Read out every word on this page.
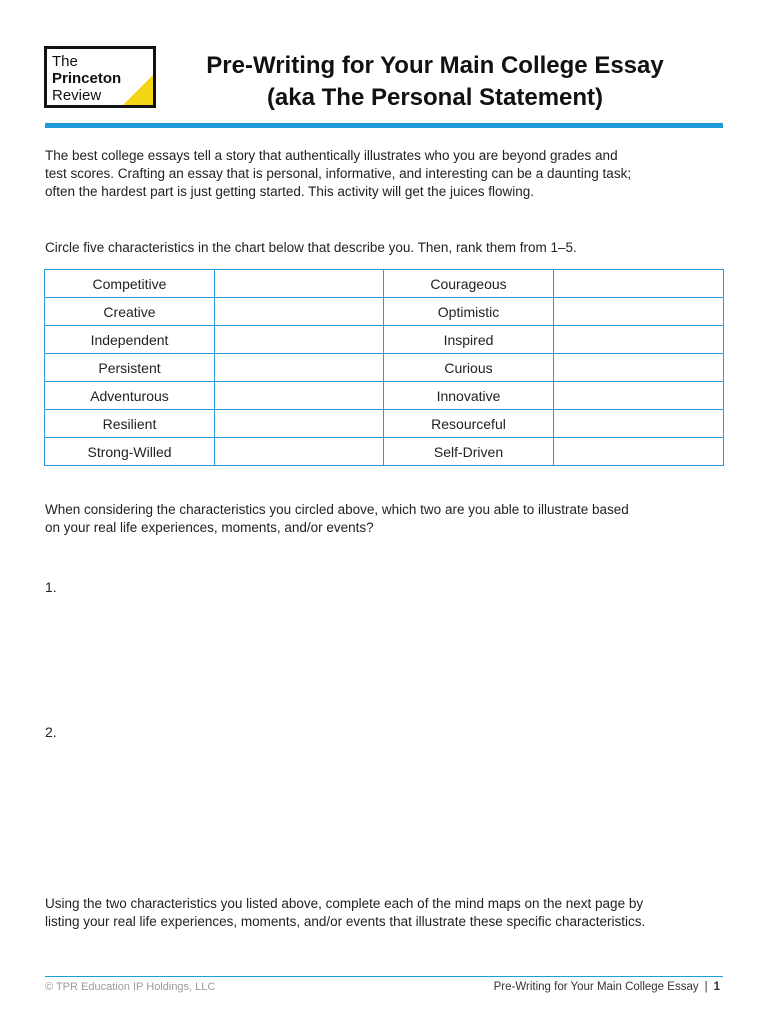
The
Princeton
Review
Pre-Writing for Your Main College Essay
(aka The Personal Statement)
The best college essays tell a story that authentically illustrates who you are beyond grades and
test scores. Crafting an essay that is personal, informative, and interesting can be a daunting task;
often the hardest part is just getting started. This activity will get the juices flowing.
Circle five characteristics in the chart below that describe you. Then, rank them from 1–5.
Competitive		Courageous	
Creative		Optimistic	
Independent		Inspired	
Persistent		Curious	
Adventurous		Innovative	
Resilient		Resourceful	
Strong-Willed		Self-Driven	
When considering the characteristics you circled above, which two are you able to illustrate based
on your real life experiences, moments, and/or events?
1.
2.
Using the two characteristics you listed above, complete each of the mind maps on the next page by
listing your real life experiences, moments, and/or events that illustrate these specific characteristics.
© TPR Education IP Holdings, LLC	Pre-Writing for Your Main College Essay | 1
